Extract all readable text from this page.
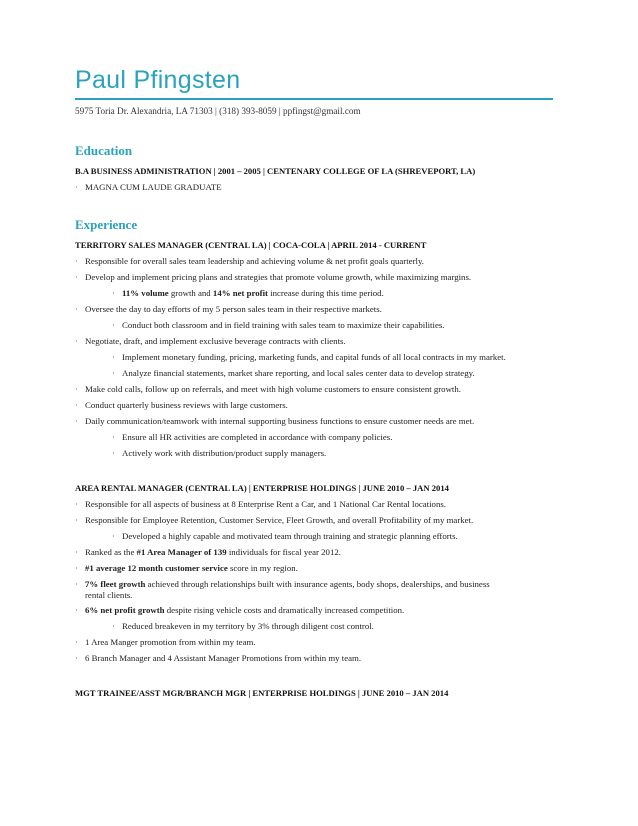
Paul Pfingsten
5975 Toria Dr. Alexandria, LA 71303 | (318) 393-8059 | ppfingst@gmail.com
Education
B.A BUSINESS ADMINISTRATION | 2001 – 2005 | CENTENARY COLLEGE OF LA (SHREVEPORT, LA)
· MAGNA CUM LAUDE GRADUATE
Experience
TERRITORY SALES MANAGER (CENTRAL LA) | COCA-COLA | APRIL 2014 - CURRENT
· Responsible for overall sales team leadership and achieving volume & net profit goals quarterly.
· Develop and implement pricing plans and strategies that promote volume growth, while maximizing margins.
· 11% volume growth and 14% net profit increase during this time period.
· Oversee the day to day efforts of my 5 person sales team in their respective markets.
· Conduct both classroom and in field training with sales team to maximize their capabilities.
· Negotiate, draft, and implement exclusive beverage contracts with clients.
· Implement monetary funding, pricing, marketing funds, and capital funds of all local contracts in my market.
· Analyze financial statements, market share reporting, and local sales center data to develop strategy.
· Make cold calls, follow up on referrals, and meet with high volume customers to ensure consistent growth.
· Conduct quarterly business reviews with large customers.
· Daily communication/teamwork with internal supporting business functions to ensure customer needs are met.
· Ensure all HR activities are completed in accordance with company policies.
· Actively work with distribution/product supply managers.
AREA RENTAL MANAGER (CENTRAL LA) | ENTERPRISE HOLDINGS | JUNE 2010 – JAN 2014
· Responsible for all aspects of business at 8 Enterprise Rent a Car, and 1 National Car Rental locations.
· Responsible for Employee Retention, Customer Service, Fleet Growth, and overall Profitability of my market.
· Developed a highly capable and motivated team through training and strategic planning efforts.
· Ranked as the #1 Area Manager of 139 individuals for fiscal year 2012.
· #1 average 12 month customer service score in my region.
· 7% fleet growth achieved through relationships built with insurance agents, body shops, dealerships, and business
rental clients.
· 6% net profit growth despite rising vehicle costs and dramatically increased competition.
· Reduced breakeven in my territory by 3% through diligent cost control.
· 1 Area Manger promotion from within my team.
· 6 Branch Manager and 4 Assistant Manager Promotions from within my team.
MGT TRAINEE/ASST MGR/BRANCH MGR | ENTERPRISE HOLDINGS | JUNE 2010 – JAN 2014
